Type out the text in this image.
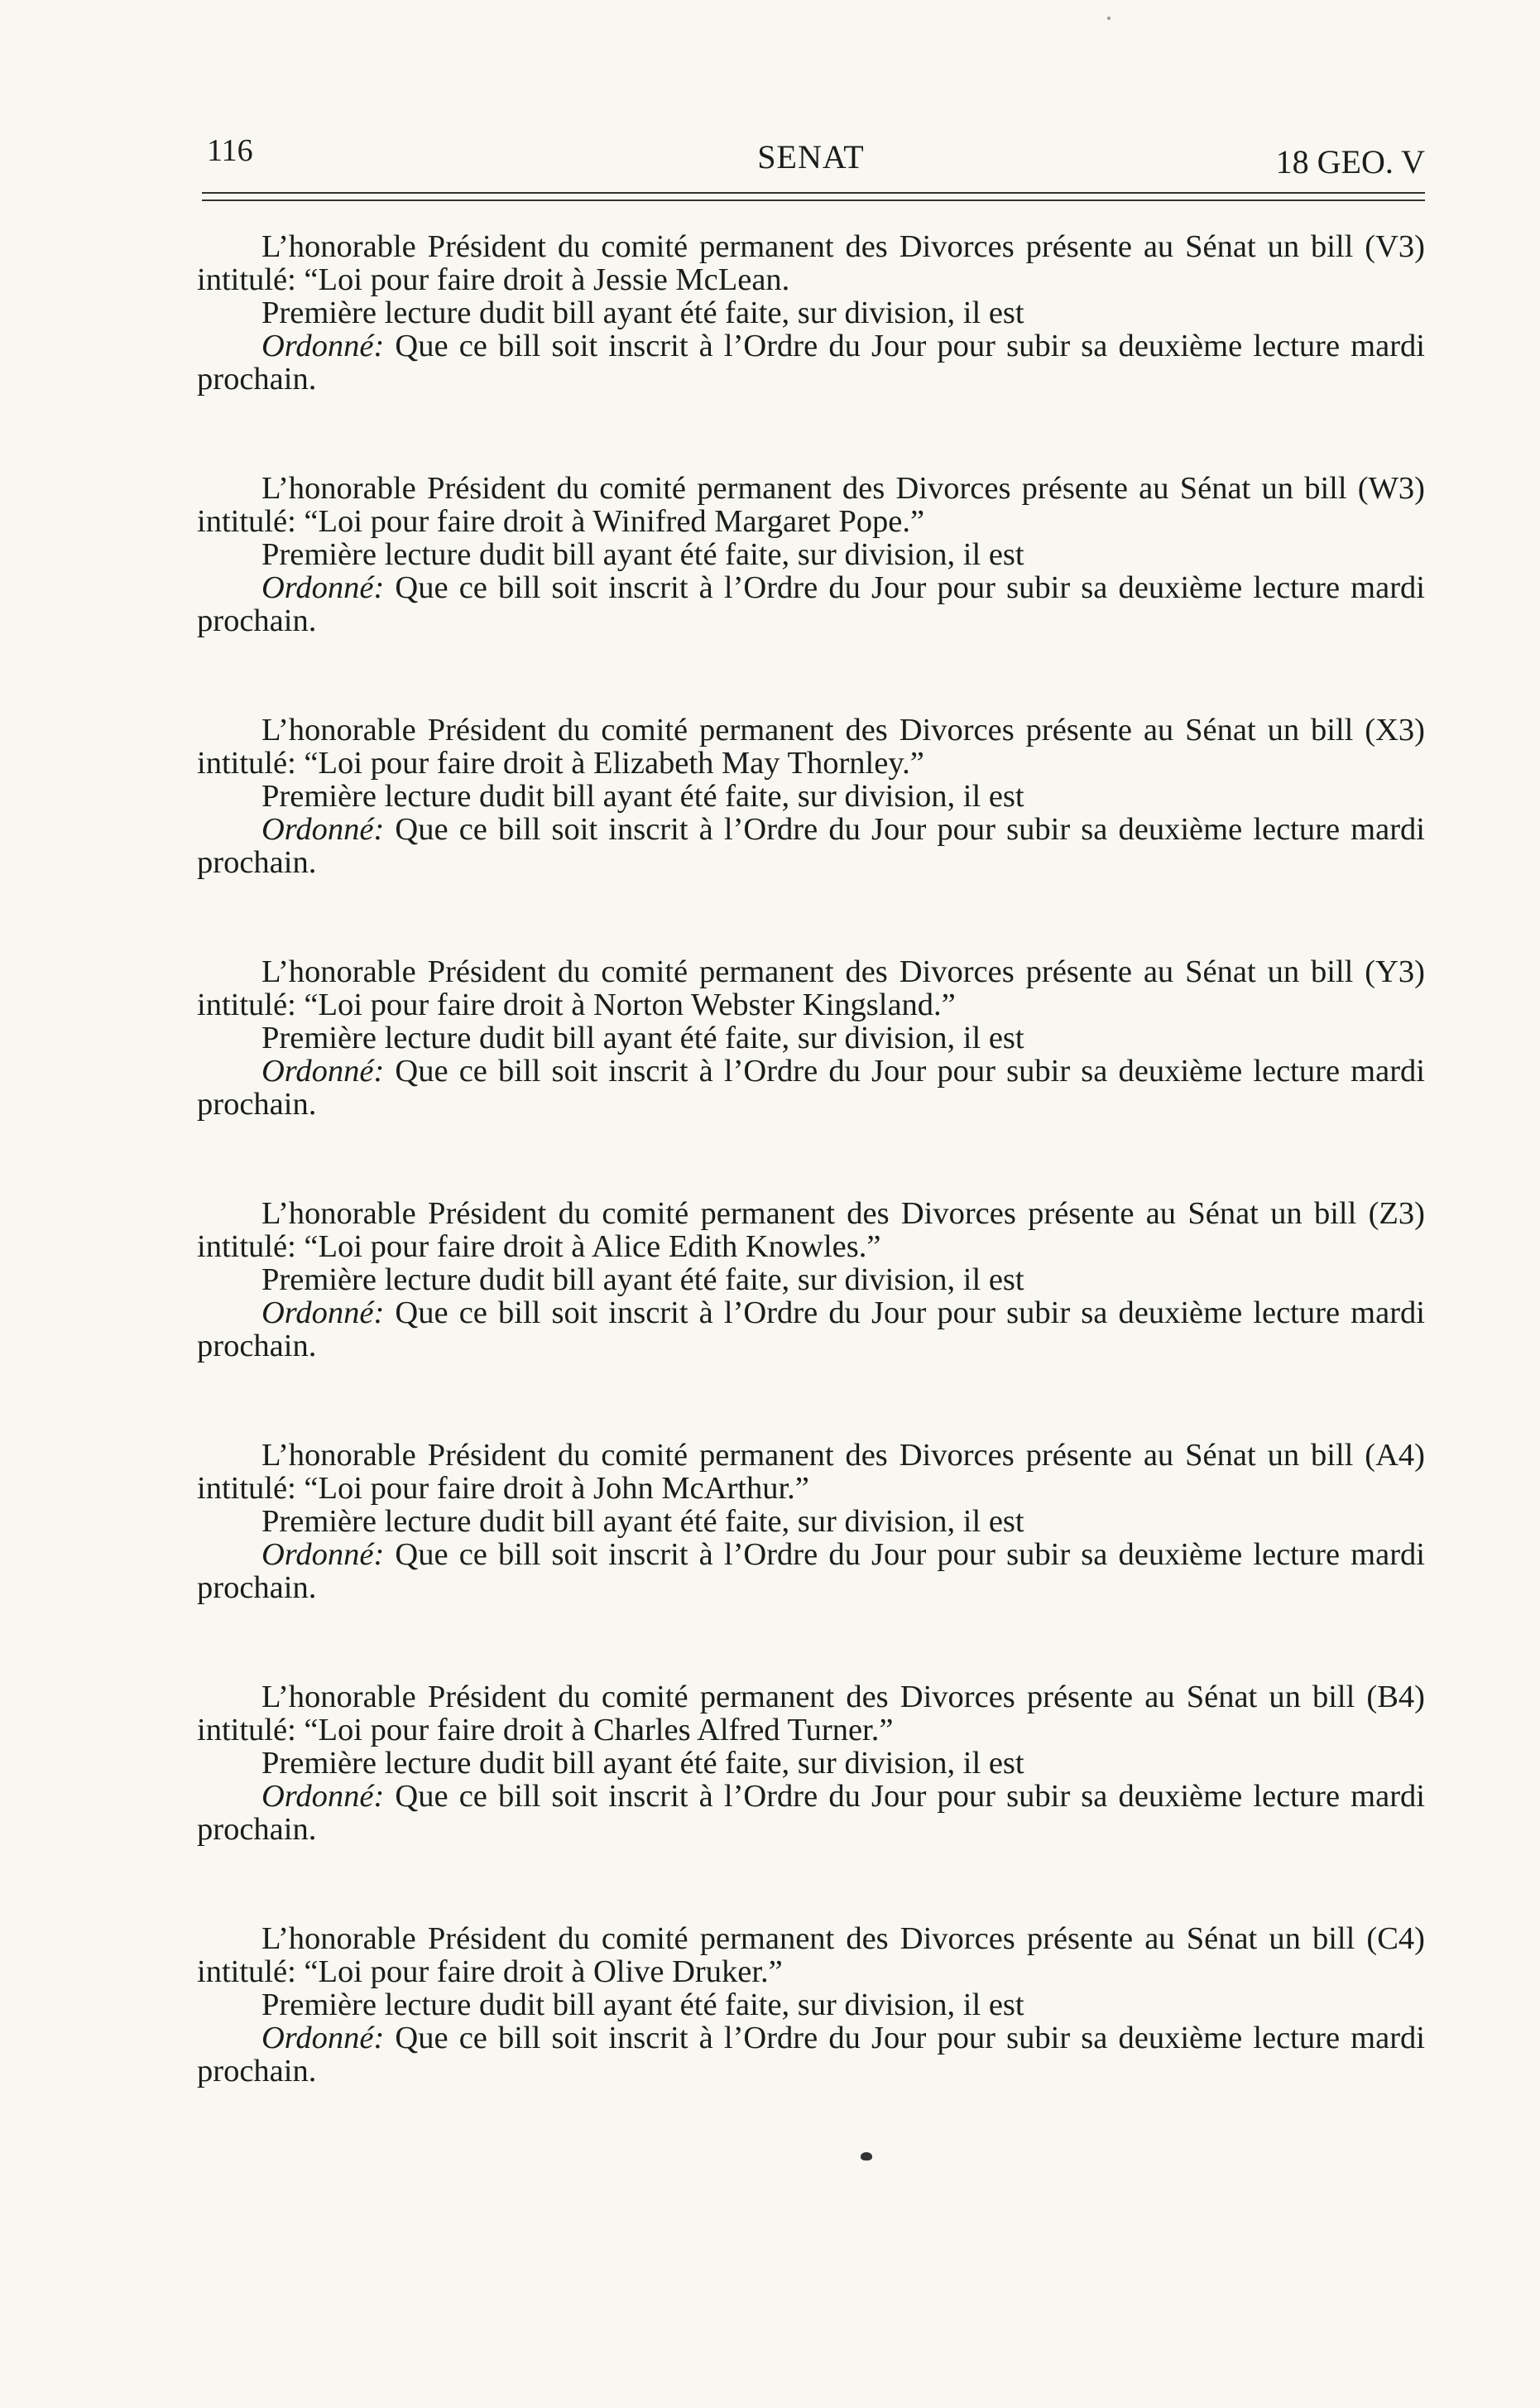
116	SENAT	18 GEO. V

L’honorable Président du comité permanent des Divorces présente au Sénat un bill (V3) intitulé: “Loi pour faire droit à Jessie McLean.

Première lecture dudit bill ayant été faite, sur division, il est

Ordonné: Que ce bill soit inscrit à l’Ordre du Jour pour subir sa deuxième lecture mardi prochain.

L’honorable Président du comité permanent des Divorces présente au Sénat un bill (W3) intitulé: “Loi pour faire droit à Winifred Margaret Pope.”

Première lecture dudit bill ayant été faite, sur division, il est

Ordonné: Que ce bill soit inscrit à l’Ordre du Jour pour subir sa deuxième lecture mardi prochain.

L’honorable Président du comité permanent des Divorces présente au Sénat un bill (X3) intitulé: “Loi pour faire droit à Elizabeth May Thornley.”

Première lecture dudit bill ayant été faite, sur division, il est

Ordonné: Que ce bill soit inscrit à l’Ordre du Jour pour subir sa deuxième lecture mardi prochain.

L’honorable Président du comité permanent des Divorces présente au Sénat un bill (Y3) intitulé: “Loi pour faire droit à Norton Webster Kingsland.”

Première lecture dudit bill ayant été faite, sur division, il est

Ordonné: Que ce bill soit inscrit à l’Ordre du Jour pour subir sa deuxième lecture mardi prochain.

L’honorable Président du comité permanent des Divorces présente au Sénat un bill (Z3) intitulé: “Loi pour faire droit à Alice Edith Knowles.”

Première lecture dudit bill ayant été faite, sur division, il est

Ordonné: Que ce bill soit inscrit à l’Ordre du Jour pour subir sa deuxième lecture mardi prochain.

L’honorable Président du comité permanent des Divorces présente au Sénat un bill (A4) intitulé: “Loi pour faire droit à John McArthur.”

Première lecture dudit bill ayant été faite, sur division, il est

Ordonné: Que ce bill soit inscrit à l’Ordre du Jour pour subir sa deuxième lecture mardi prochain.

L’honorable Président du comité permanent des Divorces présente au Sénat un bill (B4) intitulé: “Loi pour faire droit à Charles Alfred Turner.”

Première lecture dudit bill ayant été faite, sur division, il est

Ordonné: Que ce bill soit inscrit à l’Ordre du Jour pour subir sa deuxième lecture mardi prochain.

L’honorable Président du comité permanent des Divorces présente au Sénat un bill (C4) intitulé: “Loi pour faire droit à Olive Druker.”

Première lecture dudit bill ayant été faite, sur division, il est

Ordonné: Que ce bill soit inscrit à l’Ordre du Jour pour subir sa deuxième lecture mardi prochain.
